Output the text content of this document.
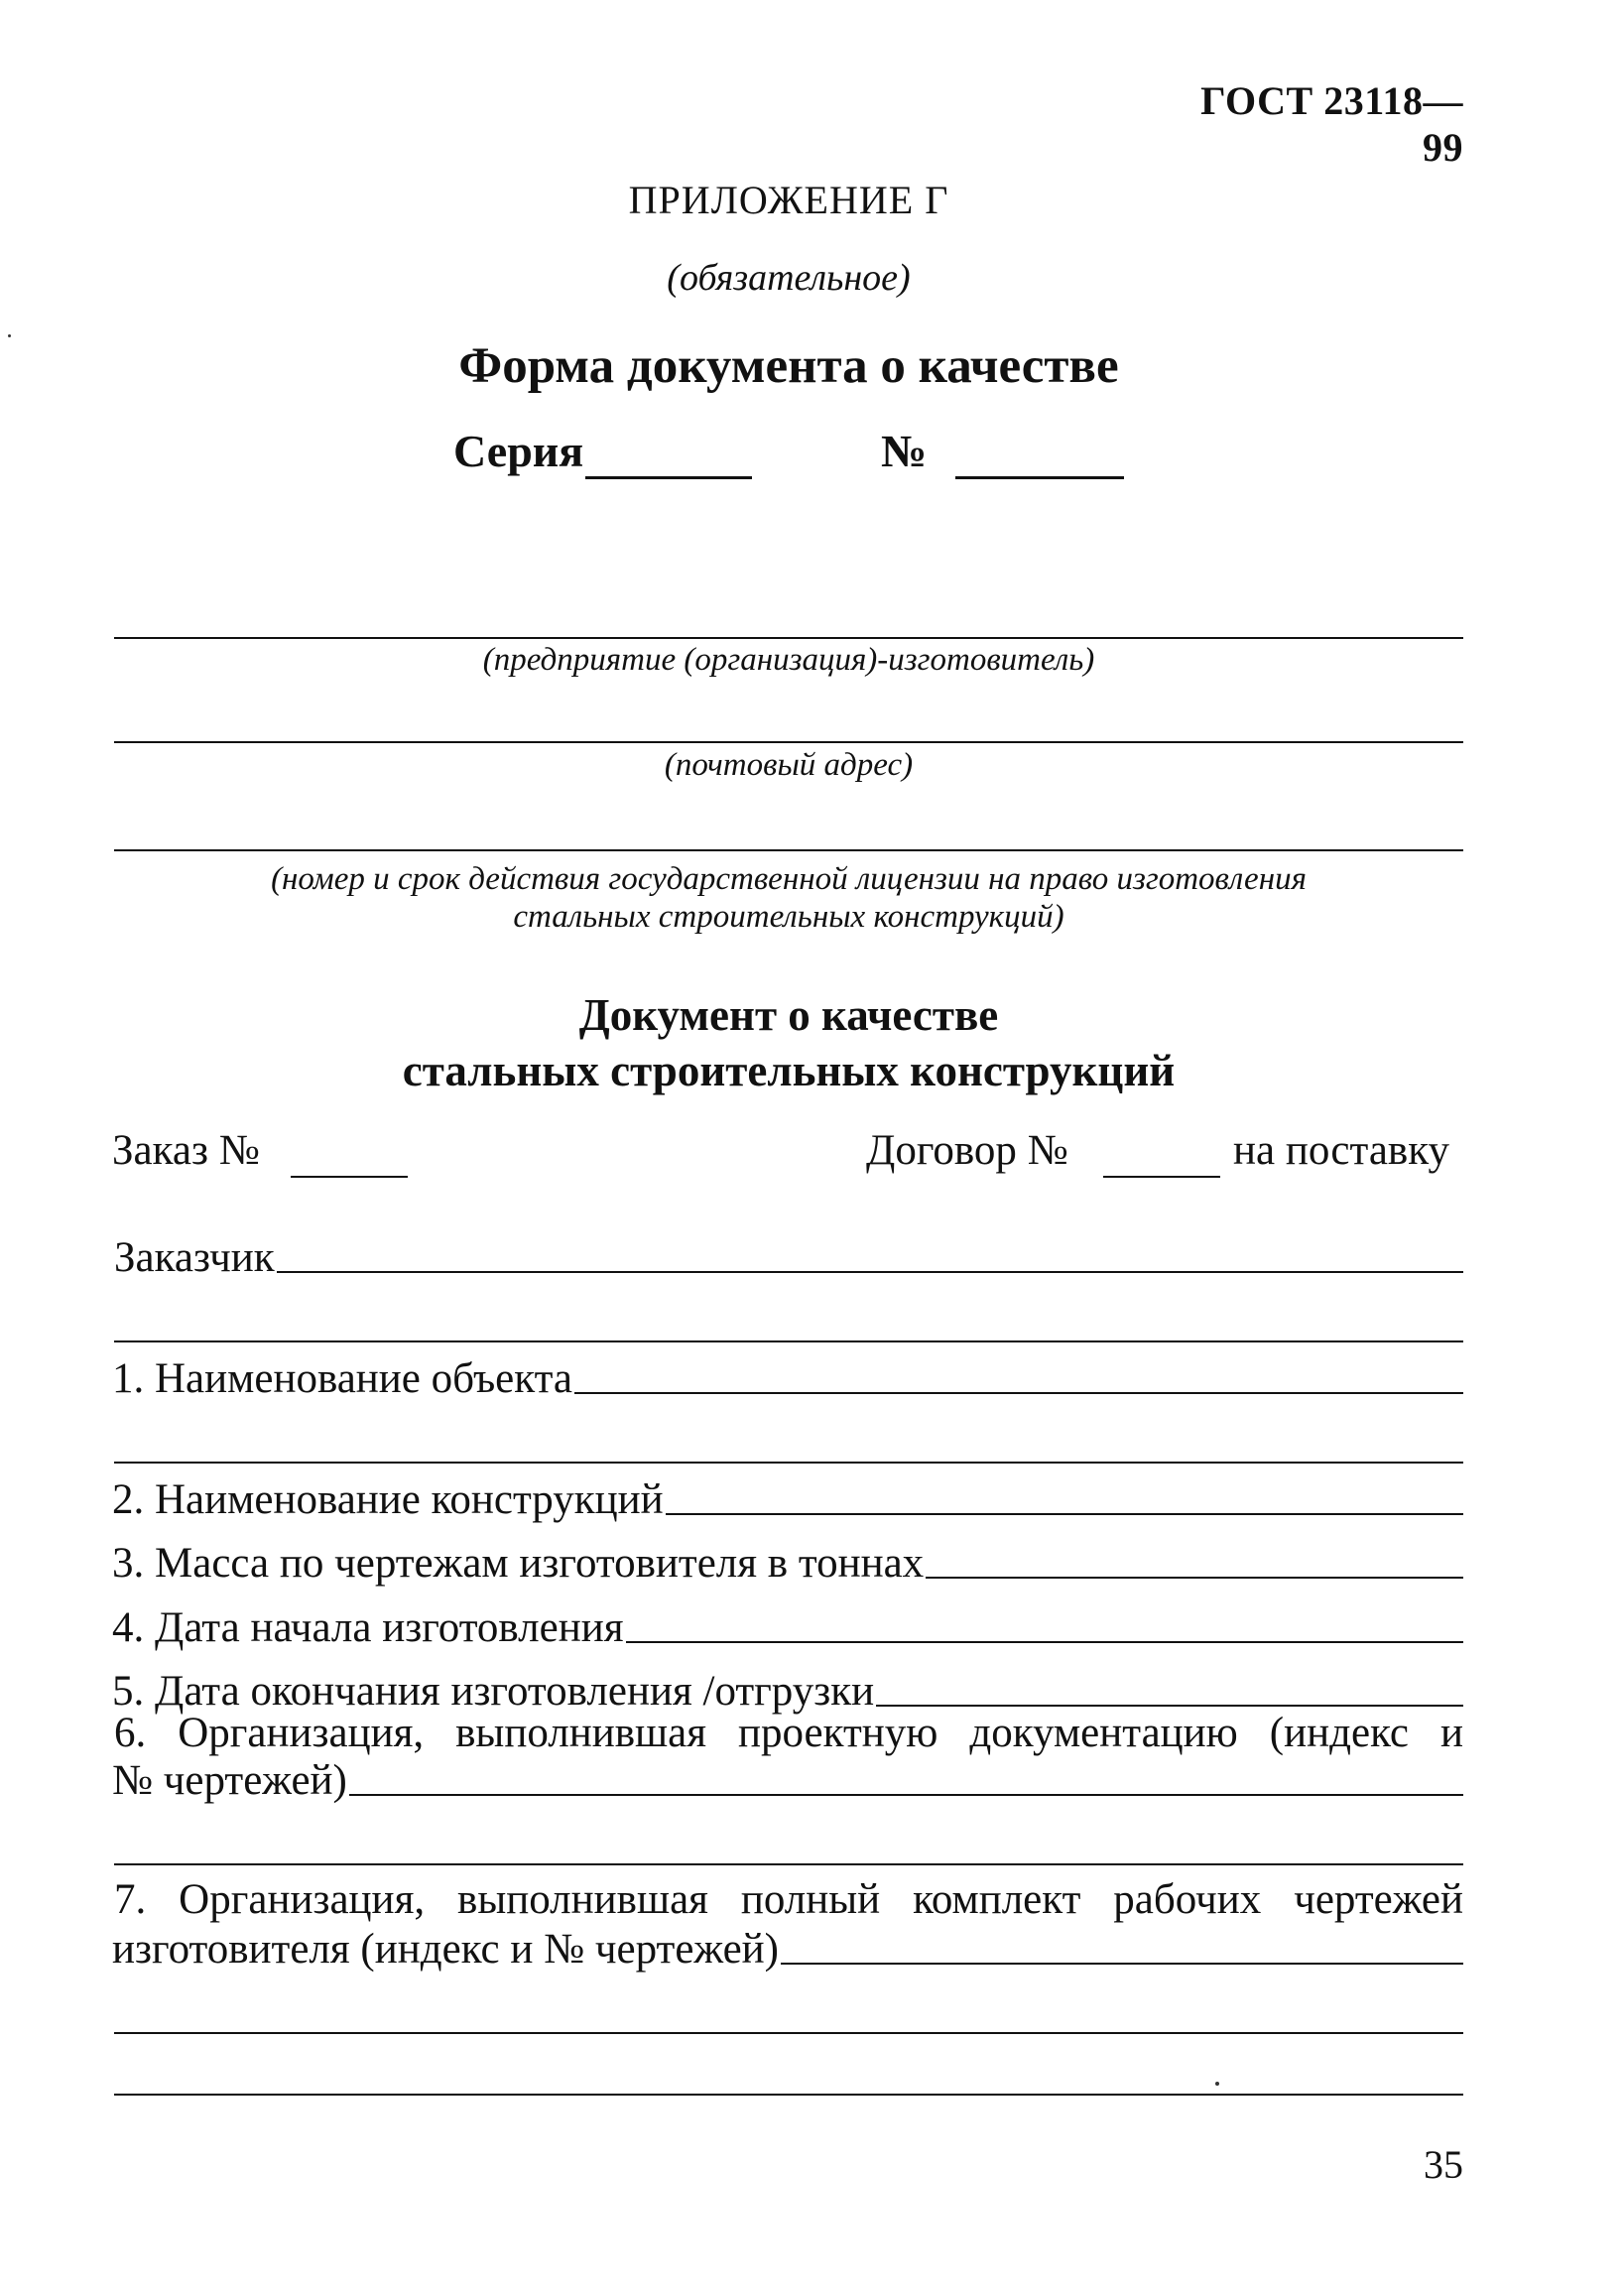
ГОСТ 23118—99
ПРИЛОЖЕНИЕ Г
(обязательное)
Форма документа о качестве
Серия	№
(предприятие (организация)-изготовитель)
(почтовый адрес)
(номер и срок действия государственной лицензии на право изготовления
стальных строительных конструкций)
Документ о качестве
стальных строительных конструкций
Заказ №	Договор №	на поставку
Заказчик
1. Наименование объекта
2. Наименование конструкций
3. Масса по чертежам изготовителя в тоннах
4. Дата начала изготовления
5. Дата окончания изготовления /отгрузки
6. Организация, выполнившая проектную документацию (индекс и
№ чертежей)
7. Организация, выполнившая полный комплект рабочих чертежей
изготовителя (индекс и № чертежей)
35
